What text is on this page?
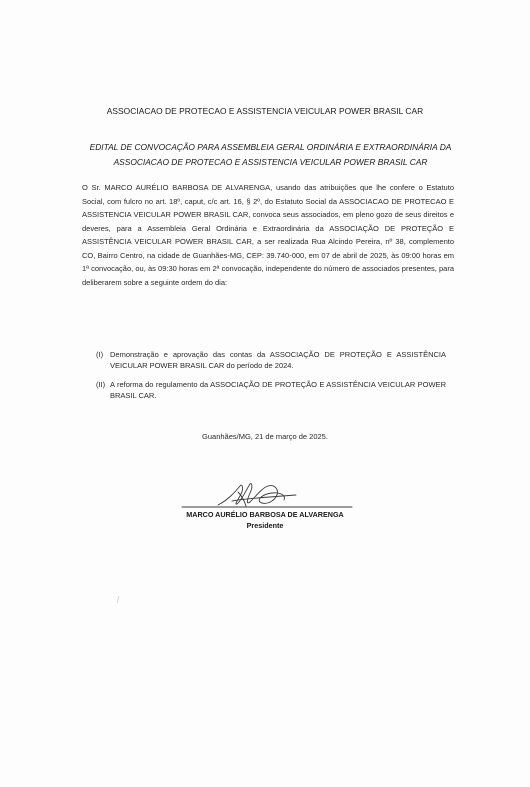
ASSOCIACAO DE PROTECAO E ASSISTENCIA VEICULAR POWER BRASIL CAR
EDITAL DE CONVOCAÇÃO PARA ASSEMBLEIA GERAL ORDINÁRIA E EXTRAORDINÁRIA DA
ASSOCIACAO DE PROTECAO E ASSISTENCIA VEICULAR POWER BRASIL CAR
O Sr. MARCO AURÉLIO BARBOSA DE ALVARENGA, usando das atribuições que lhe confere o Estatuto Social, com fulcro no art. 18º, caput, c/c art. 16, § 2º, do Estatuto Social da ASSOCIACAO DE PROTECAO E ASSISTENCIA VEICULAR POWER BRASIL CAR, convoca seus associados, em pleno gozo de seus direitos e deveres, para a Assembleia Geral Ordinária e Extraordinária da ASSOCIAÇÃO DE PROTEÇÃO E ASSISTÊNCIA VEICULAR POWER BRASIL CAR, a ser realizada Rua Alcindo Pereira, nº 38, complemento CO, Bairro Centro, na cidade de Guanhães-MG, CEP: 39.740-000, em 07 de abril de 2025, às 09:00 horas em 1ª convocação, ou, às 09:30 horas em 2ª convocação, independente do número de associados presentes, para deliberarem sobre a seguinte ordem do dia:
(I) Demonstração e aprovação das contas da ASSOCIAÇÃO DE PROTEÇÃO E ASSISTÊNCIA VEICULAR POWER BRASIL CAR do período de 2024.
(II) A reforma do regulamento da ASSOCIAÇÃO DE PROTEÇÃO E ASSISTÊNCIA VEICULAR POWER BRASIL CAR.
Guanhães/MG, 21 de março de 2025.
MARCO AURÉLIO BARBOSA DE ALVARENGA
Presidente
